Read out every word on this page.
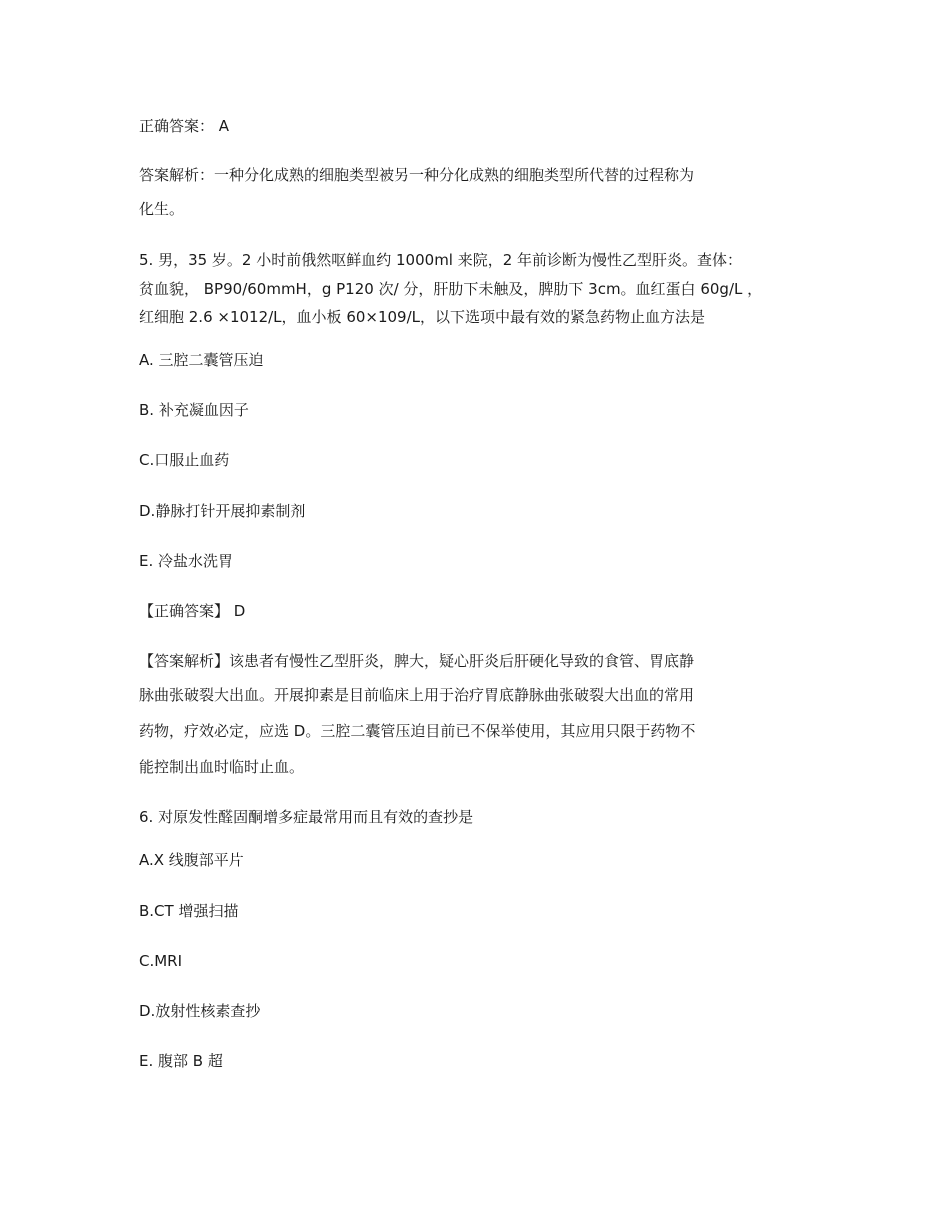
正确答案： A
答案解析：一种分化成熟的细胞类型被另一种分化成熟的细胞类型所代替的过程称为
化生。
5. 男，35 岁。2 小时前俄然呕鲜血约 1000ml 来院，2 年前诊断为慢性乙型肝炎。查体：
贫血貌， BP90/60mmH，g P120 次/ 分，肝肋下未触及，脾肋下 3cm。血红蛋白 60g/L ，
红细胞 2.6 ×1012/L，血小板 60×109/L，以下选项中最有效的紧急药物止血方法是
A. 三腔二囊管压迫
B. 补充凝血因子
C.口服止血药
D.静脉打针开展抑素制剂
E. 冷盐水洗胃
【正确答案】 D
【答案解析】该患者有慢性乙型肝炎，脾大，疑心肝炎后肝硬化导致的食管、胃底静
脉曲张破裂大出血。开展抑素是目前临床上用于治疗胃底静脉曲张破裂大出血的常用
药物，疗效必定，应选 D。三腔二囊管压迫目前已不保举使用，其应用只限于药物不
能控制出血时临时止血。
6. 对原发性醛固酮增多症最常用而且有效的查抄是
A.X 线腹部平片
B.CT 增强扫描
C.MRI
D.放射性核素查抄
E. 腹部 B 超
